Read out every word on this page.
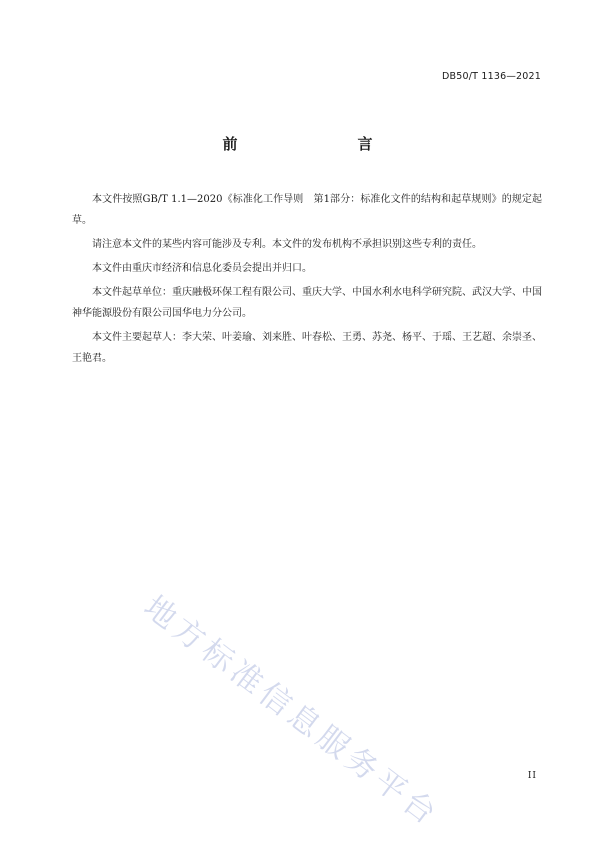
DB50/T 1136—2021
前　　言

本文件按照GB/T 1.1—2020《标准化工作导则　第1部分：标准化文件的结构和起草规则》的规定起草。

请注意本文件的某些内容可能涉及专利。本文件的发布机构不承担识别这些专利的责任。

本文件由重庆市经济和信息化委员会提出并归口。

本文件起草单位：重庆融极环保工程有限公司、重庆大学、中国水利水电科学研究院、武汉大学、中国神华能源股份有限公司国华电力分公司。

本文件主要起草人：李大荣、叶姜瑜、刘来胜、叶春松、王勇、苏尧、杨平、于瑶、王艺超、余崇圣、王艳君。

地方标准信息服务平台	II
